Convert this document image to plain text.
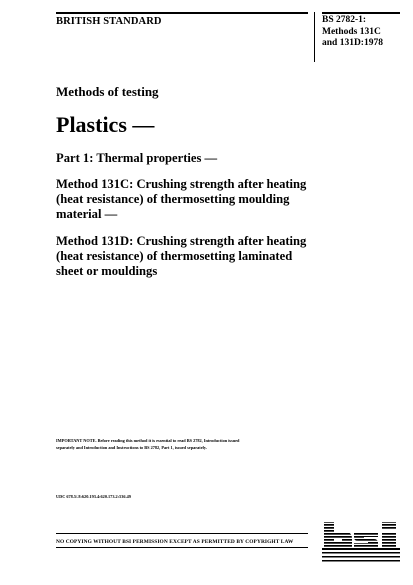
BRITISH STANDARD	BS 2782-1:
Methods 131C
and 131D:1978
Methods of testing
Plastics —
Part 1: Thermal properties —
Method 131C: Crushing strength after heating (heat resistance) of thermosetting moulding material —
Method 131D: Crushing strength after heating (heat resistance) of thermosetting laminated sheet or mouldings
IMPORTANT NOTE. Before reading this method it is essential to read BS 2782, Introduction issued
separately and Introduction and Instructions to BS 2782, Part 1, issued separately.
UDC 678.5/.8:620.193.4:620.173.2:536.49
NO COPYING WITHOUT BSI PERMISSION EXCEPT AS PERMITTED BY COPYRIGHT LAW
